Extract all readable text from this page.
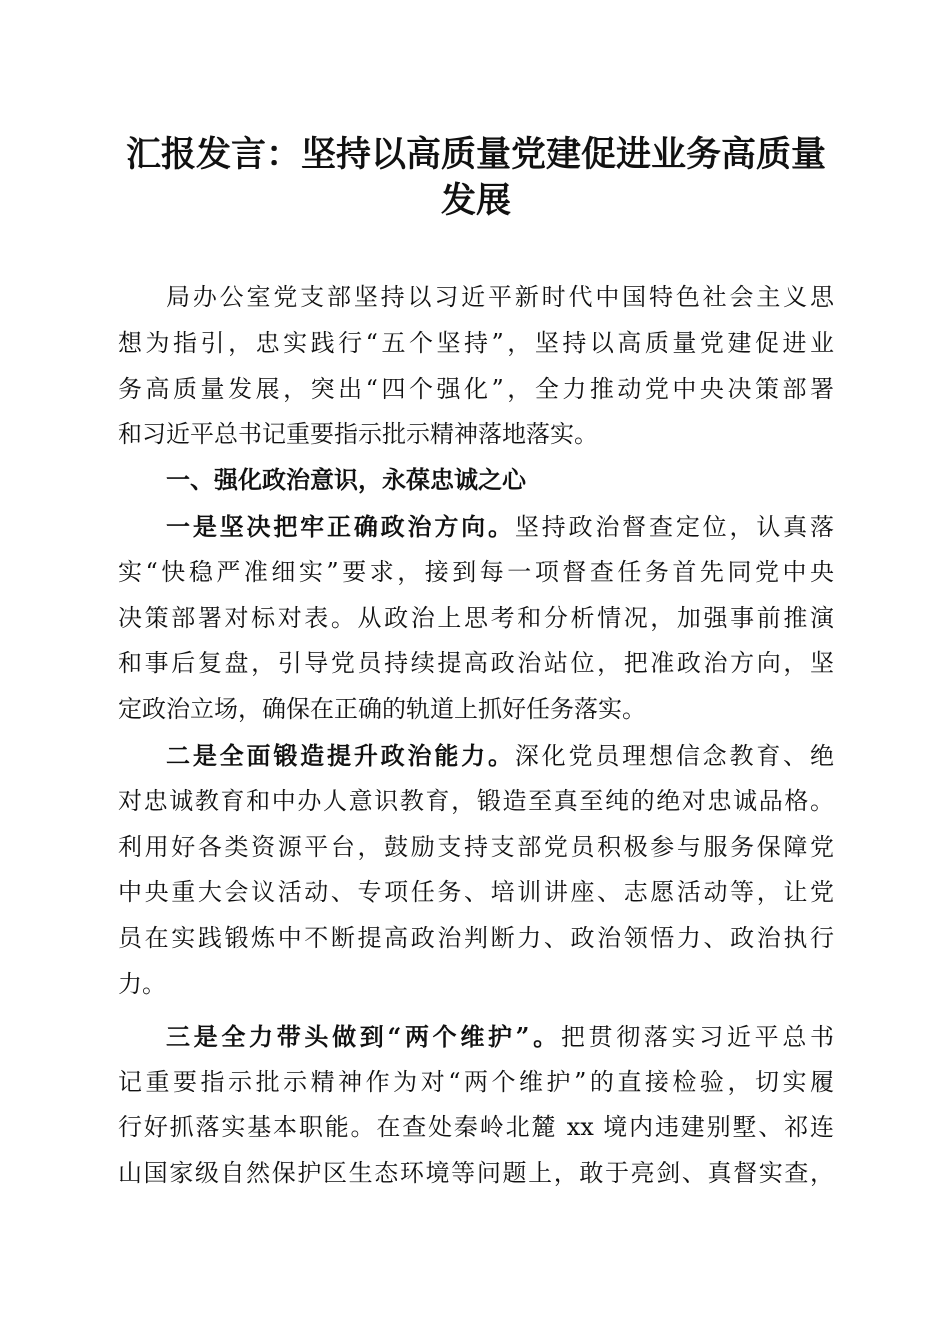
汇报发言：坚持以高质量党建促进业务高质量
发展
局办公室党支部坚持以习近平新时代中国特色社会主义思
想为指引，忠实践行“五个坚持”，坚持以高质量党建促进业
务高质量发展，突出“四个强化”，全力推动党中央决策部署
和习近平总书记重要指示批示精神落地落实。
一、强化政治意识，永葆忠诚之心
一是坚决把牢正确政治方向。坚持政治督查定位，认真落
实“快稳严准细实”要求，接到每一项督查任务首先同党中央
决策部署对标对表。从政治上思考和分析情况，加强事前推演
和事后复盘，引导党员持续提高政治站位，把准政治方向，坚
定政治立场，确保在正确的轨道上抓好任务落实。
二是全面锻造提升政治能力。深化党员理想信念教育、绝
对忠诚教育和中办人意识教育，锻造至真至纯的绝对忠诚品格。
利用好各类资源平台，鼓励支持支部党员积极参与服务保障党
中央重大会议活动、专项任务、培训讲座、志愿活动等，让党
员在实践锻炼中不断提高政治判断力、政治领悟力、政治执行
力。
三是全力带头做到“两个维护”。把贯彻落实习近平总书
记重要指示批示精神作为对“两个维护”的直接检验，切实履
行好抓落实基本职能。在查处秦岭北麓 xx 境内违建别墅、祁连
山国家级自然保护区生态环境等问题上，敢于亮剑、真督实查，
